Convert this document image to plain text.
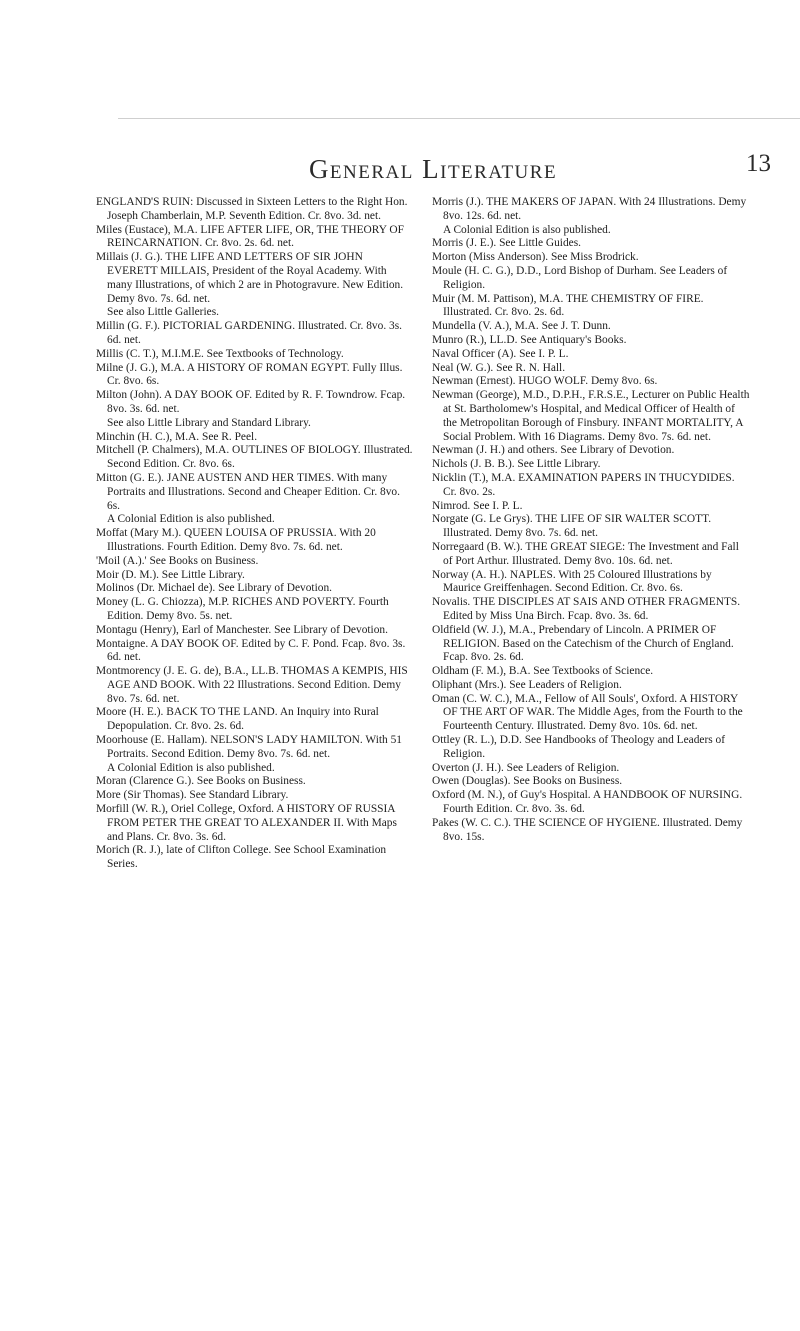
General Literature	13

ENGLAND'S RUIN: Discussed in Sixteen Letters to the Right Hon. Joseph Chamberlain, M.P. Seventh Edition. Cr. 8vo. 3d. net.

Miles (Eustace), M.A. LIFE AFTER LIFE, OR, THE THEORY OF REINCARNATION. Cr. 8vo. 2s. 6d. net.

Millais (J. G.). THE LIFE AND LETTERS OF SIR JOHN EVERETT MILLAIS, President of the Royal Academy. With many Illustrations, of which 2 are in Photogravure. New Edition. Demy 8vo. 7s. 6d. net.

See also Little Galleries.

Millin (G. F.). PICTORIAL GARDENING. Illustrated. Cr. 8vo. 3s. 6d. net.

Millis (C. T.), M.I.M.E. See Textbooks of Technology.

Milne (J. G.), M.A. A HISTORY OF ROMAN EGYPT. Fully Illus. Cr. 8vo. 6s.

Milton (John). A DAY BOOK OF. Edited by R. F. Towndrow. Fcap. 8vo. 3s. 6d. net.

See also Little Library and Standard Library.

Minchin (H. C.), M.A. See R. Peel.

Mitchell (P. Chalmers), M.A. OUTLINES OF BIOLOGY. Illustrated. Second Edition. Cr. 8vo. 6s.

Mitton (G. E.). JANE AUSTEN AND HER TIMES. With many Portraits and Illustrations. Second and Cheaper Edition. Cr. 8vo. 6s.

A Colonial Edition is also published.

Moffat (Mary M.). QUEEN LOUISA OF PRUSSIA. With 20 Illustrations. Fourth Edition. Demy 8vo. 7s. 6d. net.

'Moil (A.).' See Books on Business.

Moir (D. M.). See Little Library.

Molinos (Dr. Michael de). See Library of Devotion.

Money (L. G. Chiozza), M.P. RICHES AND POVERTY. Fourth Edition. Demy 8vo. 5s. net.

Montagu (Henry), Earl of Manchester. See Library of Devotion.

Montaigne. A DAY BOOK OF. Edited by C. F. Pond. Fcap. 8vo. 3s. 6d. net.

Montmorency (J. E. G. de), B.A., LL.B. THOMAS A KEMPIS, HIS AGE AND BOOK. With 22 Illustrations. Second Edition. Demy 8vo. 7s. 6d. net.

Moore (H. E.). BACK TO THE LAND. An Inquiry into Rural Depopulation. Cr. 8vo. 2s. 6d.

Moorhouse (E. Hallam). NELSON'S LADY HAMILTON. With 51 Portraits. Second Edition. Demy 8vo. 7s. 6d. net.

A Colonial Edition is also published.

Moran (Clarence G.). See Books on Business.

More (Sir Thomas). See Standard Library.

Morfill (W. R.), Oriel College, Oxford. A HISTORY OF RUSSIA FROM PETER THE GREAT TO ALEXANDER II. With Maps and Plans. Cr. 8vo. 3s. 6d.

Morich (R. J.), late of Clifton College. See School Examination Series.

Morris (J.). THE MAKERS OF JAPAN. With 24 Illustrations. Demy 8vo. 12s. 6d. net.

A Colonial Edition is also published.

Morris (J. E.). See Little Guides.

Morton (Miss Anderson). See Miss Brodrick.

Moule (H. C. G.), D.D., Lord Bishop of Durham. See Leaders of Religion.

Muir (M. M. Pattison), M.A. THE CHEMISTRY OF FIRE. Illustrated. Cr. 8vo. 2s. 6d.

Mundella (V. A.), M.A. See J. T. Dunn.

Munro (R.), LL.D. See Antiquary's Books.

Naval Officer (A). See I. P. L.

Neal (W. G.). See R. N. Hall.

Newman (Ernest). HUGO WOLF. Demy 8vo. 6s.

Newman (George), M.D., D.P.H., F.R.S.E., Lecturer on Public Health at St. Bartholomew's Hospital, and Medical Officer of Health of the Metropolitan Borough of Finsbury. INFANT MORTALITY, A Social Problem. With 16 Diagrams. Demy 8vo. 7s. 6d. net.

Newman (J. H.) and others. See Library of Devotion.

Nichols (J. B. B.). See Little Library.

Nicklin (T.), M.A. EXAMINATION PAPERS IN THUCYDIDES. Cr. 8vo. 2s.

Nimrod. See I. P. L.

Norgate (G. Le Grys). THE LIFE OF SIR WALTER SCOTT. Illustrated. Demy 8vo. 7s. 6d. net.

Norregaard (B. W.). THE GREAT SIEGE: The Investment and Fall of Port Arthur. Illustrated. Demy 8vo. 10s. 6d. net.

Norway (A. H.). NAPLES. With 25 Coloured Illustrations by Maurice Greiffenhagen. Second Edition. Cr. 8vo. 6s.

Novalis. THE DISCIPLES AT SAIS AND OTHER FRAGMENTS. Edited by Miss Una Birch. Fcap. 8vo. 3s. 6d.

Oldfield (W. J.), M.A., Prebendary of Lincoln. A PRIMER OF RELIGION. Based on the Catechism of the Church of England. Fcap. 8vo. 2s. 6d.

Oldham (F. M.), B.A. See Textbooks of Science.

Oliphant (Mrs.). See Leaders of Religion.

Oman (C. W. C.), M.A., Fellow of All Souls', Oxford. A HISTORY OF THE ART OF WAR. The Middle Ages, from the Fourth to the Fourteenth Century. Illustrated. Demy 8vo. 10s. 6d. net.

Ottley (R. L.), D.D. See Handbooks of Theology and Leaders of Religion.

Overton (J. H.). See Leaders of Religion.

Owen (Douglas). See Books on Business.

Oxford (M. N.), of Guy's Hospital. A HANDBOOK OF NURSING. Fourth Edition. Cr. 8vo. 3s. 6d.

Pakes (W. C. C.). THE SCIENCE OF HYGIENE. Illustrated. Demy 8vo. 15s.
